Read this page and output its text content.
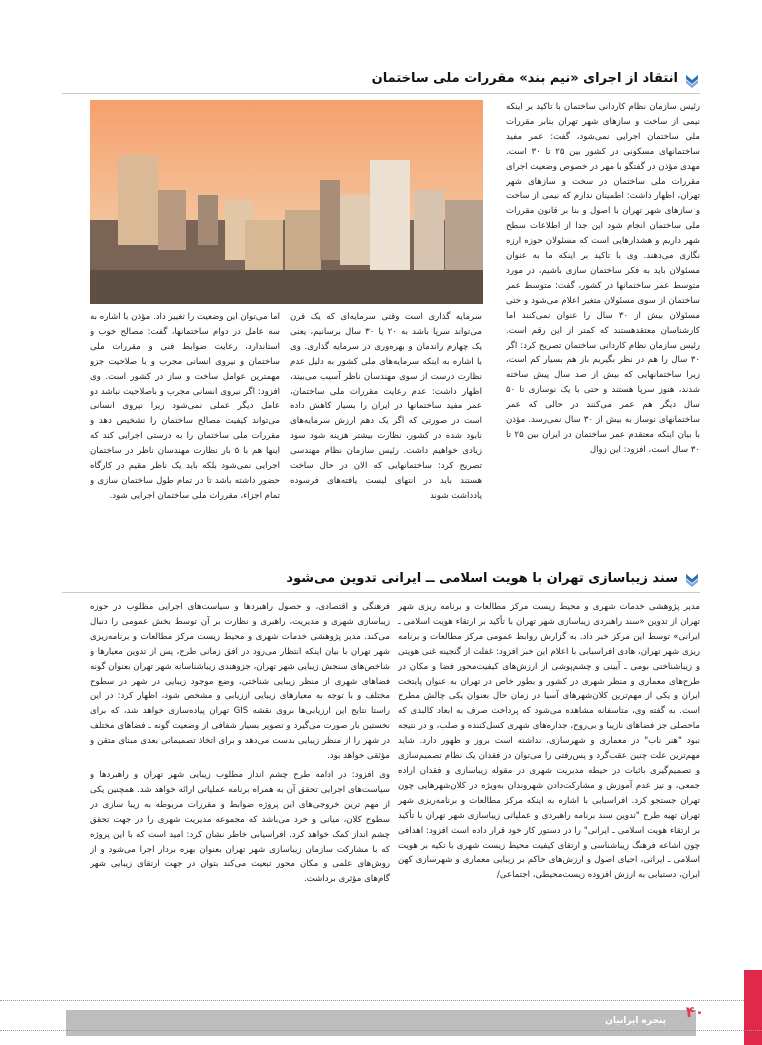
انتقاد از اجرای «نیم بند» مقررات ملی ساختمان

رئیس سازمان نظام کاردانی ساختمان با تاکید بر اینکه نیمی از ساخت و سازهای شهر تهران بنابر مقررات ملی ساختمان اجرایی نمی‌شود، گفت: عمر مفید ساختمانهای مسکونی در کشور بین ۲۵ تا ۳۰ است. مهدی مؤذن در گفتگو با مهر در خصوص وضعیت اجرای مقررات ملی ساختمان در سخت و سازهای شهر تهران، اظهار داشت: اطمینان ندارم که نیمی از ساخت و سازهای شهر تهران با اصول و بنا بر قانون مقررات ملی ساختمان انجام شود این جدا از اطلاعات سطح شهر داریم و هشدارهایی است که مسئولان حوزه ارزه نگاری می‌دهند. وی با تاکید بر اینکه ما به عنوان مسئولان باید به فکر ساختمان سازی باشیم، در مورد متوسط عمر ساختمانها در کشور، گفت: متوسط عمر ساختمان از سوی مسئولان متغیر اعلام می‌شود و حتی مسئولان بیش از ۳۰ سال را عنوان نمی‌کنند اما کارشناسان معتقدهستند که کمتر از این رقم است. رئیس سازمان نظام کاردانی ساختمان تصریح کرد: اگر ۳۰ سال را هم در نظر بگیریم باز هم بسیار کم است، زیرا ساختمانهایی که بیش از صد سال پیش ساخته شدند، هنوز سرپا هستند و حتی با یک نوسازی تا ۵۰ سال دیگر هم عمر می‌کنند در حالی که عمر ساختمانهای نوساز به بیش از ۳۰ سال نمی‌رسد. مؤذن با بیان اینکه معتقدم عمر ساختمان در ایران بین ۲۵ تا ۳۰ سال است، افزود: این زوال

سرمایه گذاری است وقتی سرمایه‌ای که یک قرن می‌تواند سرپا باشد به ۲۰ یا ۳۰ سال برسانیم، یعنی یک چهارم راندمان و بهره‌وری در سرمایه گذاری. وی با اشاره به اینکه سرمایه‌های ملی کشور به دلیل عدم نظارت درست از سوی مهندسان ناظر آسیب می‌بیند، اظهار داشت: عدم رعایت مقررات ملی ساختمان، عمر مفید ساختمانها در ایران را بسیار کاهش داده است در صورتی که اگر یک دهم ارزش سرمایه‌های نابود شده در کشور، نظارت بیشتر هزینه شود سود زیادی خواهیم داشت. رئیس سازمان نظام مهندسی تصریح کرد: ساختمانهایی که الان در حال ساخت هستند باید در انتهای لیست یافته‌های فرسوده یادداشت شوند

اما می‌توان این وضعیت را تغییر داد. مؤذن با اشاره به سه عامل در دوام ساختمانها، گفت: مصالح خوب و استاندارد، رعایت ضوابط فنی و مقررات ملی ساختمان و نیروی انسانی مجرب و با صلاحیت جزو مهمترین عوامل ساخت و ساز در کشور است. وی افزود: اگر نیروی انسانی مجرب و باصلاحیت نباشد دو عامل دیگر عملی نمی‌شود زیرا نیروی انسانی می‌تواند کیفیت مصالح ساختمان را تشخیص دهد و مقررات ملی ساختمان را به درستی اجرایی کند که اینها هم با ۵ بار نظارت مهندسان ناظر در ساختمان اجرایی نمی‌شود بلکه باید یک ناظر مقیم در کارگاه حضور داشته باشد تا در تمام طول ساختمان سازی و تمام اجزاء، مقررات ملی ساختمان اجرایی شود.

سند زیباسازی تهران با هویت اسلامی ــ ایرانی تدوین می‌شود

مدیر پژوهشی خدمات شهری و محیط زیست مرکز مطالعات و برنامه ریزی شهر تهران از تدوین «سند راهبردی زیباسازی شهر تهران با تأکید بر ارتقاء هویت اسلامی ـ ایرانی» توسط این مرکز خبر داد. به گزارش روابط عمومی مرکز مطالعات و برنامه ریزی شهر تهران، هادی افراسیابی با اعلام این خبر افزود: غفلت از گنجینه غنی هویتی و زیباشناختی بومی ـ آیینی و چشم‌پوشی از ارزش‌های کیفیت‌محور فضا و مکان در طرح‌های معماری و منظر شهری در کشور و بطور خاص در تهران به عنوان پایتخت ایران و یکی از مهم‌ترین کلان‌شهرهای آسیا در زمان حال بعنوان یکی چالش مطرح است. به گفته وی، متاسفانه مشاهده می‌شود که پرداخت صرف به ابعاد کالبدی که ماحصلی جز فضاهای نازیبا و بی‌روح، جداره‌های شهری کسل‌کننده و صلب، و در نتیجه نبود "هنر ناب" در معماری و شهرسازی، نداشته است بروز و ظهور دارد. شاید مهم‌ترین علت چنین عقب‌گرد و پس‌رفتی را می‌توان در فقدان یک نظام تصمیم‌سازی و تصمیم‌گیری باثبات در حیطه مدیریت شهری در مقوله زیباسازی و فقدان اراده جمعی، و نیز عدم آموزش و مشارکت‌دادن شهروندان به‌ویژه در کلان‌شهرهایی چون تهران جستجو کرد. افراسیابی با اشاره به اینکه مرکز مطالعات و برنامه‌ریزی شهر تهران تهیه طرح "تدوین سند برنامه راهبردی و عملیاتی زیباسازی شهر تهران با تأکید بر ارتقاء هویت اسلامی ـ ایرانی" را در دستور کار خود قرار داده است افزود: اهدافی چون اشاعه فرهنگ زیباشناسی و ارتقای کیفیت محیط زیست شهری با تکیه بر هویت اسلامی ـ ایرانی، احیای اصول و ارزش‌های حاکم بر زیبایی معماری و شهرسازی کهن ایران، دستیابی به ارزش افزوده زیست‌محیطی، اجتماعی/

فرهنگی و اقتصادی، و حصول راهبردها و سیاست‌های اجرایی مطلوب در حوزه زیباسازی شهری و مدیریت، راهبری و نظارت بر آن توسط بخش عمومی را دنبال می‌کند. مدیر پژوهشی خدمات شهری و محیط زیست مرکز مطالعات و برنامه‌ریزی شهر تهران با بیان اینکه انتظار می‌رود در افق زمانی طرح، پس از تدوین معیارها و شاخص‌های سنجش زیبایی شهر تهران، جزوهندی زیباشناسانه شهر تهران بعنوان گونه فضاهای شهری از منظر زیبایی شناختی، وضع موجود زیبایی در شهر در سطوح مختلف و با توجه به معیارهای زیبایی ارزیابی و مشخص شود، اظهار کرد: در این راستا نتایج این ارزیابی‌ها بروی نقشه GIS تهران پیاده‌سازی خواهد شد، که برای نخستین بار صورت می‌گیرد و تصویر بسیار شفافی از وضعیت گونه ـ فضاهای مختلف در شهر را از منظر زیبایی بدست می‌دهد و برای اتخاذ تصمیماتی بعدی مبنای متقن و مؤثقی خواهد بود.

وی افزود: در ادامه طرح چشم انداز مطلوب زیبایی شهر تهران و راهبردها و سیاست‌های اجرایی تحقق آن به همراه برنامه عملیاتی ارائه خواهد شد. همچنین یکی از مهم ترین خروجی‌های این پروژه ضوابط و مقررات مربوطه به زیبا سازی در سطوح کلان، میانی و خرد می‌باشد که مجموعه مدیریت شهری را در جهت تحقق چشم انداز کمک خواهد کرد. افراسیابی خاطر نشان کرد: امید است که با این پروژه که با مشارکت سازمان زیباسازی شهر تهران بعنوان بهره بردار اجرا می‌شود و از روش‌های علمی و مکان محور تبعیت می‌کند بتوان در جهت ارتقای زیبایی شهر گام‌های مؤثری برداشت.

پنجره ایرانیان ۴۰
